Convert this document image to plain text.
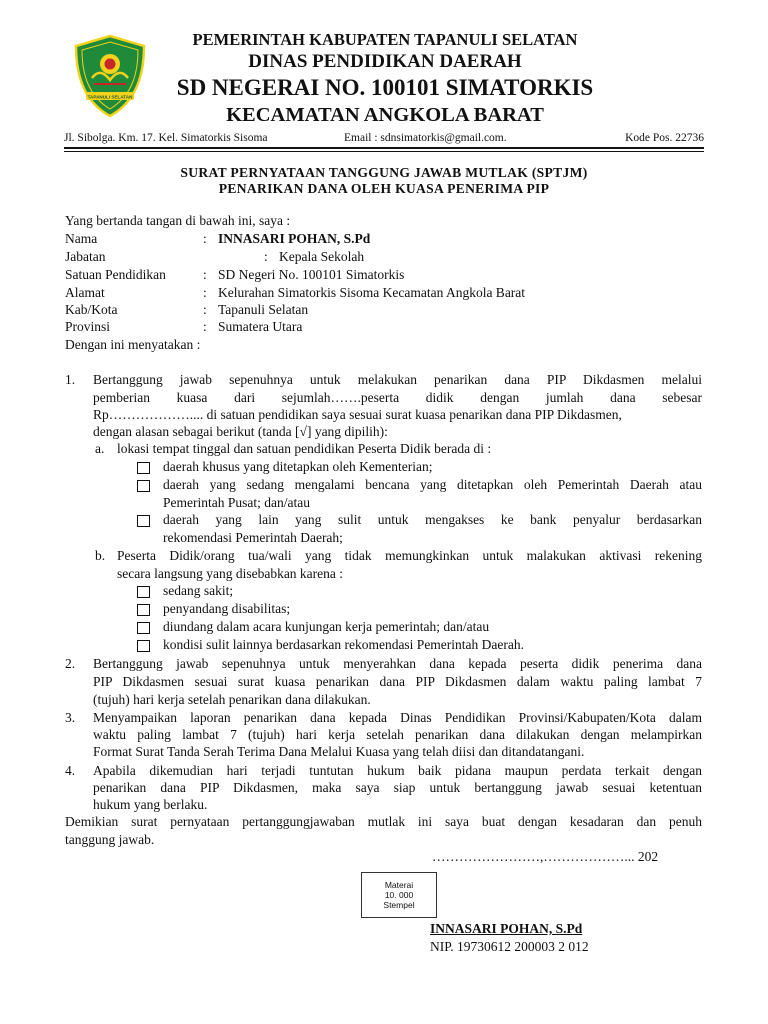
TAPANULI SELATAN
PEMERINTAH KABUPATEN TAPANULI SELATAN
DINAS PENDIDIKAN DAERAH
SD NEGERAI NO. 100101 SIMATORKIS
KECAMATAN ANGKOLA BARAT
Jl. Sibolga. Km. 17. Kel. Simatorkis Sisoma	Email : sdnsimatorkis@gmail.com.	Kode Pos. 22736
SURAT PERNYATAAN TANGGUNG JAWAB MUTLAK (SPTJM)
PENARIKAN DANA OLEH KUASA PENERIMA PIP
Yang bertanda tangan di bawah ini, saya :
Nama	: INNASARI POHAN, S.Pd
Jabatan	: Kepala Sekolah
Satuan Pendidikan	: SD Negeri No. 100101 Simatorkis
Alamat	: Kelurahan Simatorkis Sisoma Kecamatan Angkola Barat
Kab/Kota	: Tapanuli Selatan
Provinsi	: Sumatera Utara
Dengan ini menyatakan :
1. Bertanggung jawab sepenuhnya untuk melakukan penarikan dana PIP Dikdasmen melalui
pemberian kuasa dari sejumlah…….peserta didik dengan jumlah dana sebesar
Rp……………….... di satuan pendidikan saya sesuai surat kuasa penarikan dana PIP Dikdasmen,
dengan alasan sebagai berikut (tanda [√] yang dipilih):
a. lokasi tempat tinggal dan satuan pendidikan Peserta Didik berada di :
daerah khusus yang ditetapkan oleh Kementerian;
daerah yang sedang mengalami bencana yang ditetapkan oleh Pemerintah Daerah atau
Pemerintah Pusat; dan/atau
daerah yang lain yang sulit untuk mengakses ke bank penyalur berdasarkan
rekomendasi Pemerintah Daerah;
b. Peserta Didik/orang tua/wali yang tidak memungkinkan untuk malakukan aktivasi rekening
secara langsung yang disebabkan karena :
sedang sakit;
penyandang disabilitas;
diundang dalam acara kunjungan kerja pemerintah; dan/atau
kondisi sulit lainnya berdasarkan rekomendasi Pemerintah Daerah.
2. Bertanggung jawab sepenuhnya untuk menyerahkan dana kepada peserta didik penerima dana
PIP Dikdasmen sesuai surat kuasa penarikan dana PIP Dikdasmen dalam waktu paling lambat 7
(tujuh) hari kerja setelah penarikan dana dilakukan.
3. Menyampaikan laporan penarikan dana kepada Dinas Pendidikan Provinsi/Kabupaten/Kota dalam
waktu paling lambat 7 (tujuh) hari kerja setelah penarikan dana dilakukan dengan melampirkan
Format Surat Tanda Serah Terima Dana Melalui Kuasa yang telah diisi dan ditandatangani.
4. Apabila dikemudian hari terjadi tuntutan hukum baik pidana maupun perdata terkait dengan
penarikan dana PIP Dikdasmen, maka saya siap untuk bertanggung jawab sesuai ketentuan
hukum yang berlaku.
Demikian surat pernyataan pertanggungjawaban mutlak ini saya buat dengan kesadaran dan penuh
tanggung jawab.
……………………,………………... 202
Materai
10. 000
Stempel
INNASARI POHAN, S.Pd
NIP. 19730612 200003 2 012
